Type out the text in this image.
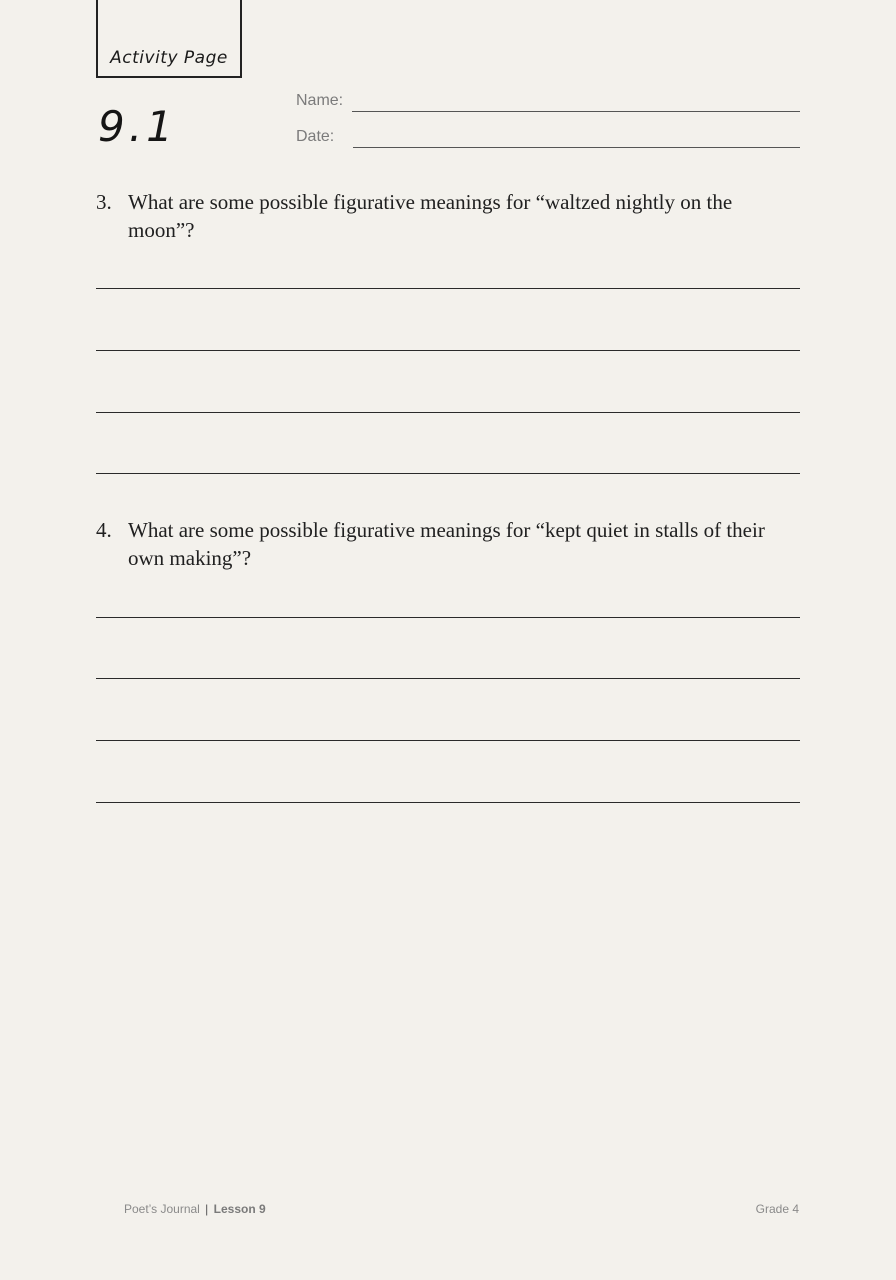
Activity Page
9.1
Name:
Date:
3. What are some possible figurative meanings for “waltzed nightly on the moon”?
4. What are some possible figurative meanings for “kept quiet in stalls of their own making”?
Poet’s Journal | Lesson 9	Grade 4
